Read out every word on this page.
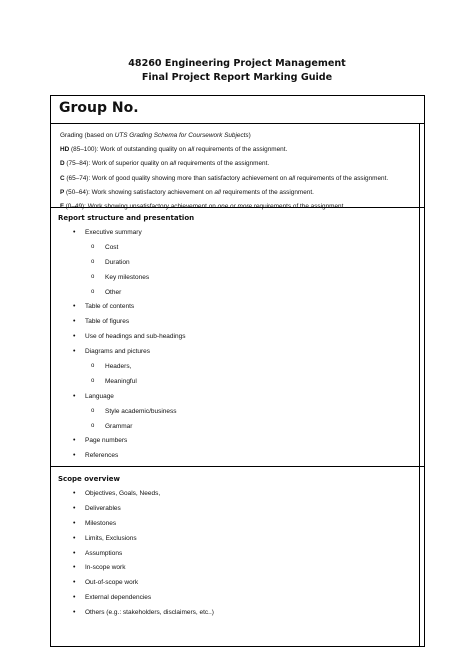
48260 Engineering Project Management
Final Project Report Marking Guide
Group No.
Grading (based on UTS Grading Schema for Coursework Subjects)
HD (85–100): Work of outstanding quality on all requirements of the assignment.
D (75–84): Work of superior quality on all requirements of the assignment.
C (65–74): Work of good quality showing more than satisfactory achievement on all requirements of the assignment.
P (50–64): Work showing satisfactory achievement on all requirements of the assignment.
F (0–49): Work showing unsatisfactory achievement on one or more requirements of the assignment.
Report structure and presentation
• Executive summary
o Cost
o Duration
o Key milestones
o Other
• Table of contents
• Table of figures
• Use of headings and sub-headings
• Diagrams and pictures
o Headers,
o Meaningful
• Language
o Style academic/business
o Grammar
• Page numbers
• References
Scope overview
• Objectives, Goals, Needs,
• Deliverables
• Milestones
• Limits, Exclusions
• Assumptions
• In-scope work
• Out-of-scope work
• External dependencies
• Others (e.g.: stakeholders, disclaimers, etc..)
